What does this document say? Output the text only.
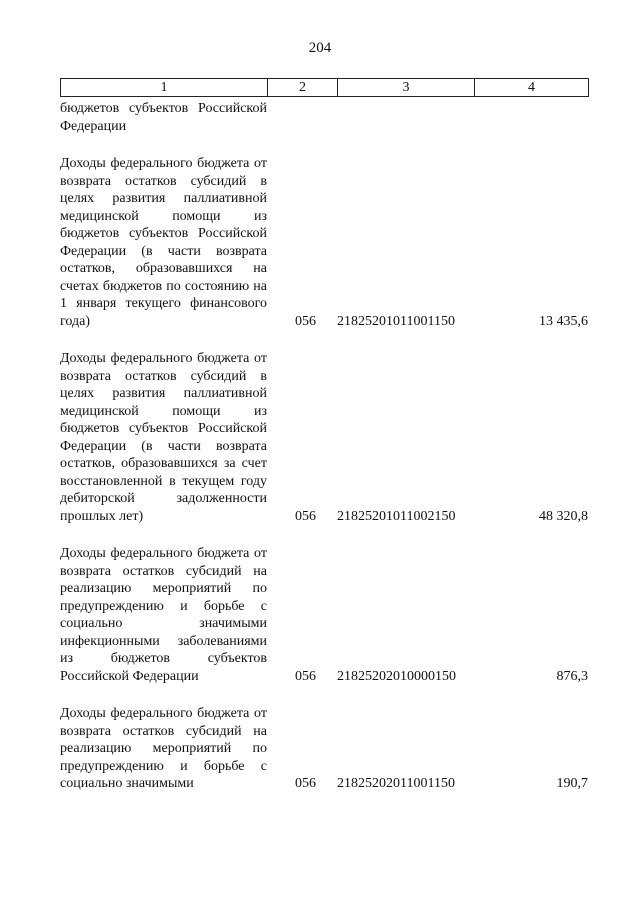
204
1	2	3	4
бюджетов субъектов Российской Федерации			

Доходы федерального бюджета от возврата остатков субсидий в целях развития паллиативной медицинской помощи из бюджетов субъектов Российской Федерации (в части возврата остатков, образовавшихся на счетах бюджетов по состоянию на 1 января текущего финансового года)	056	21825201011001150	13 435,6

Доходы федерального бюджета от возврата остатков субсидий в целях развития паллиативной медицинской помощи из бюджетов субъектов Российской Федерации (в части возврата остатков, образовавшихся за счет восстановленной в текущем году дебиторской задолженности прошлых лет)	056	21825201011002150	48 320,8

Доходы федерального бюджета от возврата остатков субсидий на реализацию мероприятий по предупреждению и борьбе с социально значимыми инфекционными заболеваниями из бюджетов субъектов Российской Федерации	056	21825202010000150	876,3

Доходы федерального бюджета от возврата остатков субсидий на реализацию мероприятий по предупреждению и борьбе с социально значимыми	056	21825202011001150	190,7
